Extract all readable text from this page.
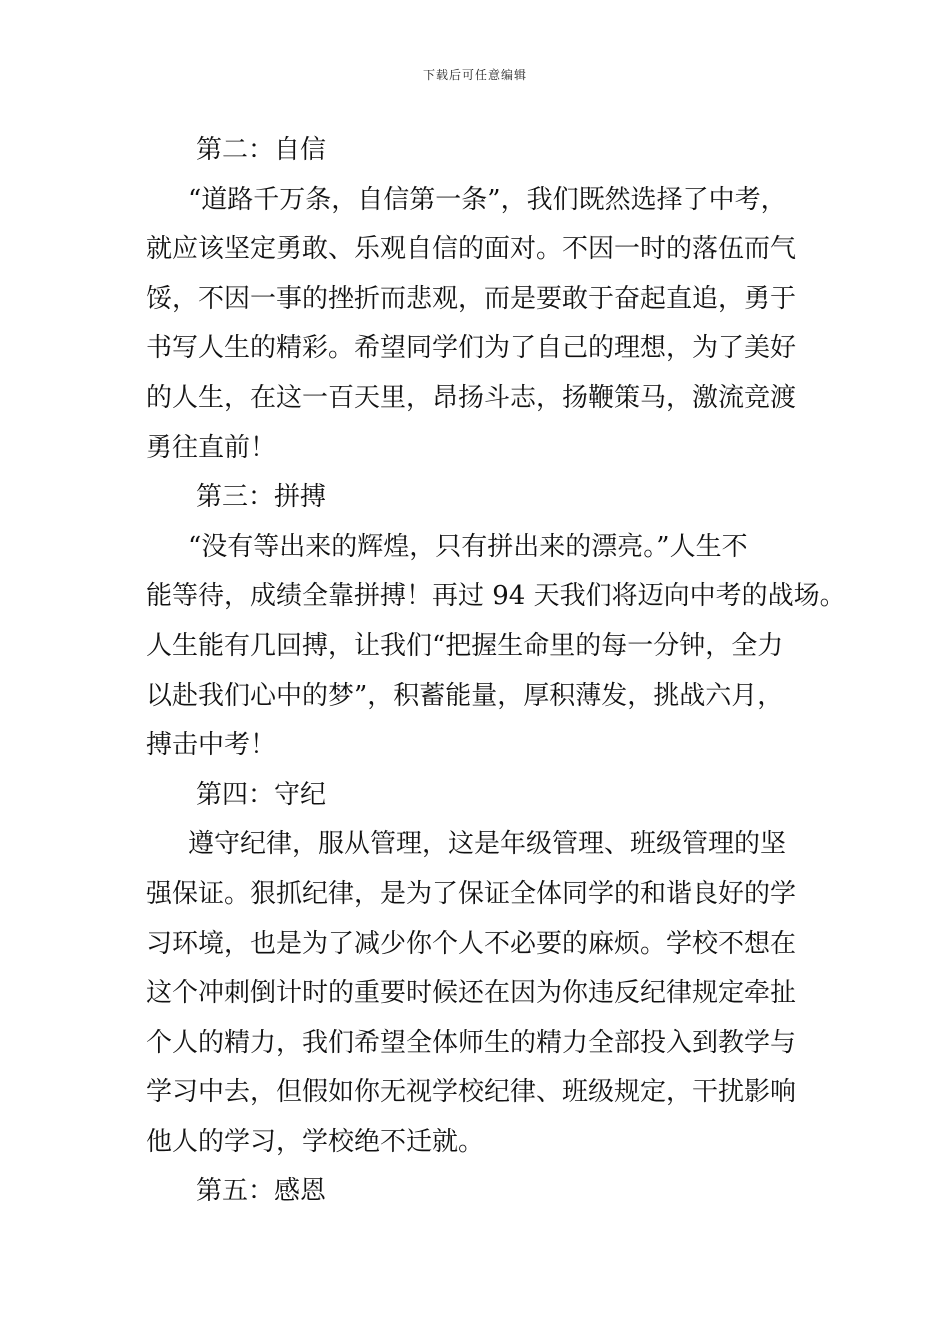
下载后可任意编辑
第二：自信
“道路千万条，自信第一条”，我们既然选择了中考，
就应该坚定勇敢、乐观自信的面对。不因一时的落伍而气
馁，不因一事的挫折而悲观，而是要敢于奋起直追，勇于
书写人生的精彩。希望同学们为了自己的理想，为了美好
的人生，在这一百天里，昂扬斗志，扬鞭策马，激流竞渡
勇往直前！
第三：拼搏
“没有等出来的辉煌，只有拼出来的漂亮。”人生不
能等待，成绩全靠拼搏！再过 94 天我们将迈向中考的战场。
人生能有几回搏，让我们“把握生命里的每一分钟，全力
以赴我们心中的梦”，积蓄能量，厚积薄发，挑战六月，
搏击中考！
第四：守纪
遵守纪律，服从管理，这是年级管理、班级管理的坚
强保证。狠抓纪律，是为了保证全体同学的和谐良好的学
习环境，也是为了减少你个人不必要的麻烦。学校不想在
这个冲刺倒计时的重要时候还在因为你违反纪律规定牵扯
个人的精力，我们希望全体师生的精力全部投入到教学与
学习中去，但假如你无视学校纪律、班级规定，干扰影响
他人的学习，学校绝不迁就。
第五：感恩
